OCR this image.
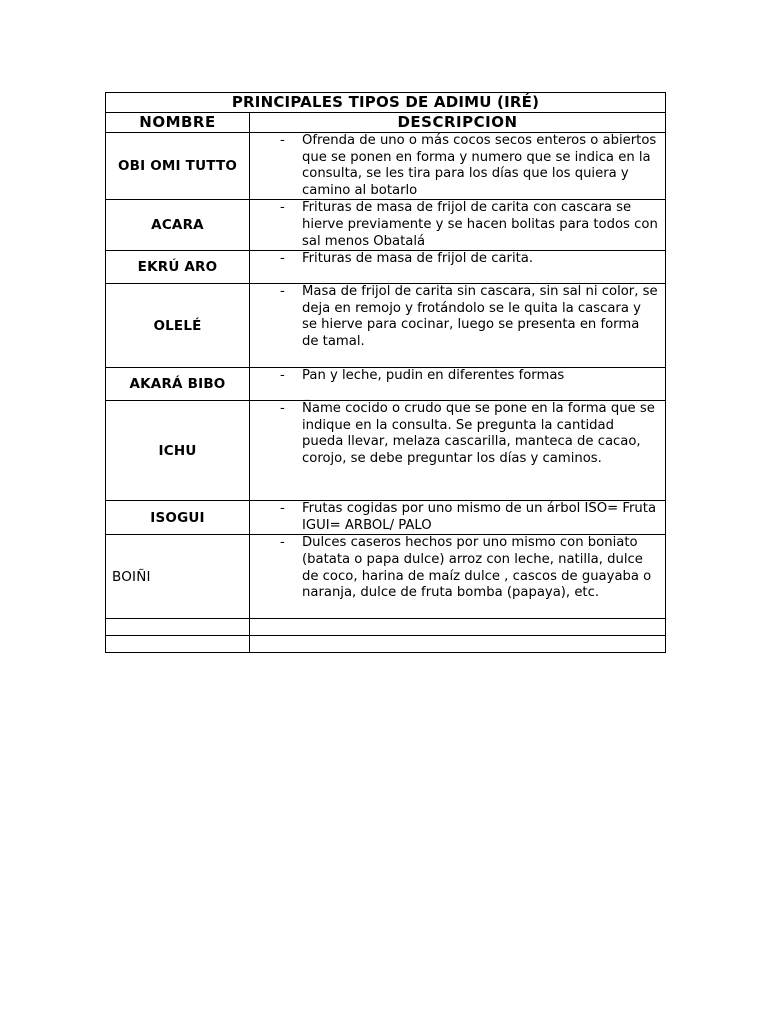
PRINCIPALES TIPOS DE ADIMU (IRÉ)	
NOMBRE	DESCRIPCION
OBI OMI TUTTO	- Ofrenda de uno o más cocos secos enteros o abiertos que se ponen en forma y numero que se indica en la consulta, se les tira para los días que los quiera y camino al botarlo

ACARA	- Frituras de masa de frijol de carita con cascara se hierve previamente y se hacen bolitas para todos con sal menos Obatalá

EKRÚ ARO	- Frituras de masa de frijol de carita.

OLELÉ	- Masa de frijol de carita sin cascara, sin sal ni color, se deja en remojo y frotándolo se le quita la cascara y se hierve para cocinar, luego se presenta en forma de tamal.

AKARÁ BIBO	- Pan y leche, pudin en diferentes formas

ICHU	- Ñame cocido o crudo que se pone en la forma que se indique en la consulta. Se pregunta la cantidad pueda llevar, melaza cascarilla, manteca de cacao, corojo, se debe preguntar los días y caminos.

ISOGUI	- Frutas cogidas por uno mismo de un árbol ISO= Fruta IGUI= ARBOL/ PALO

BOIÑI	- Dulces caseros hechos por uno mismo con boniato (batata o papa dulce) arroz con leche, natilla, dulce de coco, harina de maíz dulce , cascos de guayaba o naranja, dulce de fruta bomba (papaya), etc.
